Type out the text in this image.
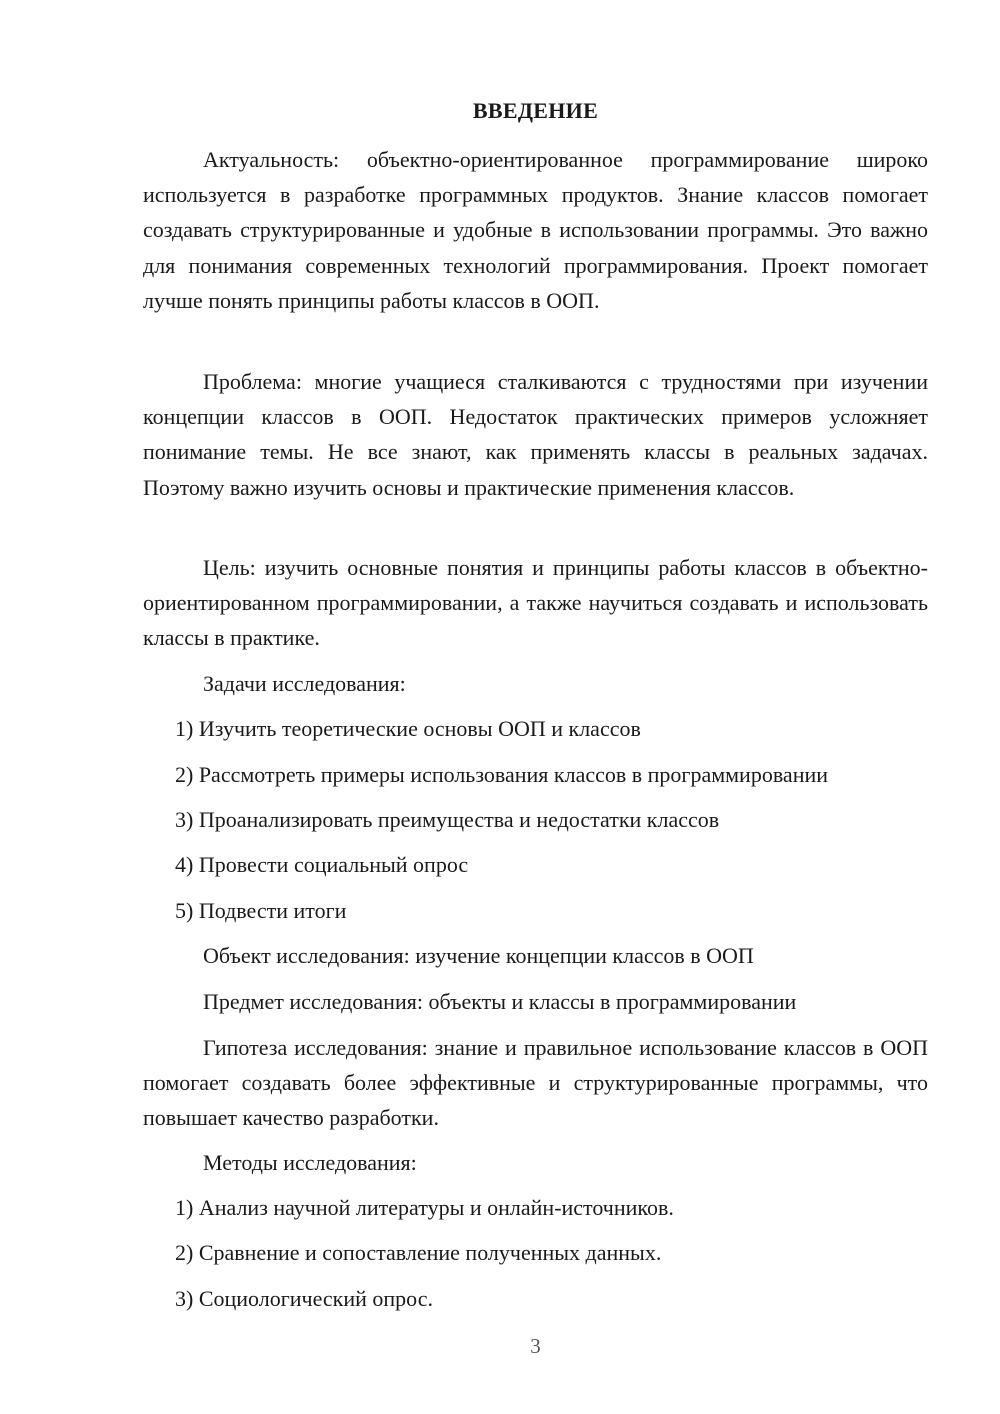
ВВЕДЕНИЕ

Актуальность: объектно-ориентированное программирование широко используется в разработке программных продуктов. Знание классов помогает создавать структурированные и удобные в использовании программы. Это важно для понимания современных технологий программирования. Проект помогает лучше понять принципы работы классов в ООП.

Проблема: многие учащиеся сталкиваются с трудностями при изучении концепции классов в ООП. Недостаток практических примеров усложняет понимание темы. Не все знают, как применять классы в реальных задачах. Поэтому важно изучить основы и практические применения классов.

Цель: изучить основные понятия и принципы работы классов в объектно-ориентированном программировании, а также научиться создавать и использовать классы в практике.

Задачи исследования:

1) Изучить теоретические основы ООП и классов

2) Рассмотреть примеры использования классов в программировании

3) Проанализировать преимущества и недостатки классов

4) Провести социальный опрос

5) Подвести итоги

Объект исследования: изучение концепции классов в ООП

Предмет исследования: объекты и классы в программировании

Гипотеза исследования: знание и правильное использование классов в ООП помогает создавать более эффективные и структурированные программы, что повышает качество разработки.

Методы исследования:

1) Анализ научной литературы и онлайн-источников.

2) Сравнение и сопоставление полученных данных.

3) Социологический опрос.

3
